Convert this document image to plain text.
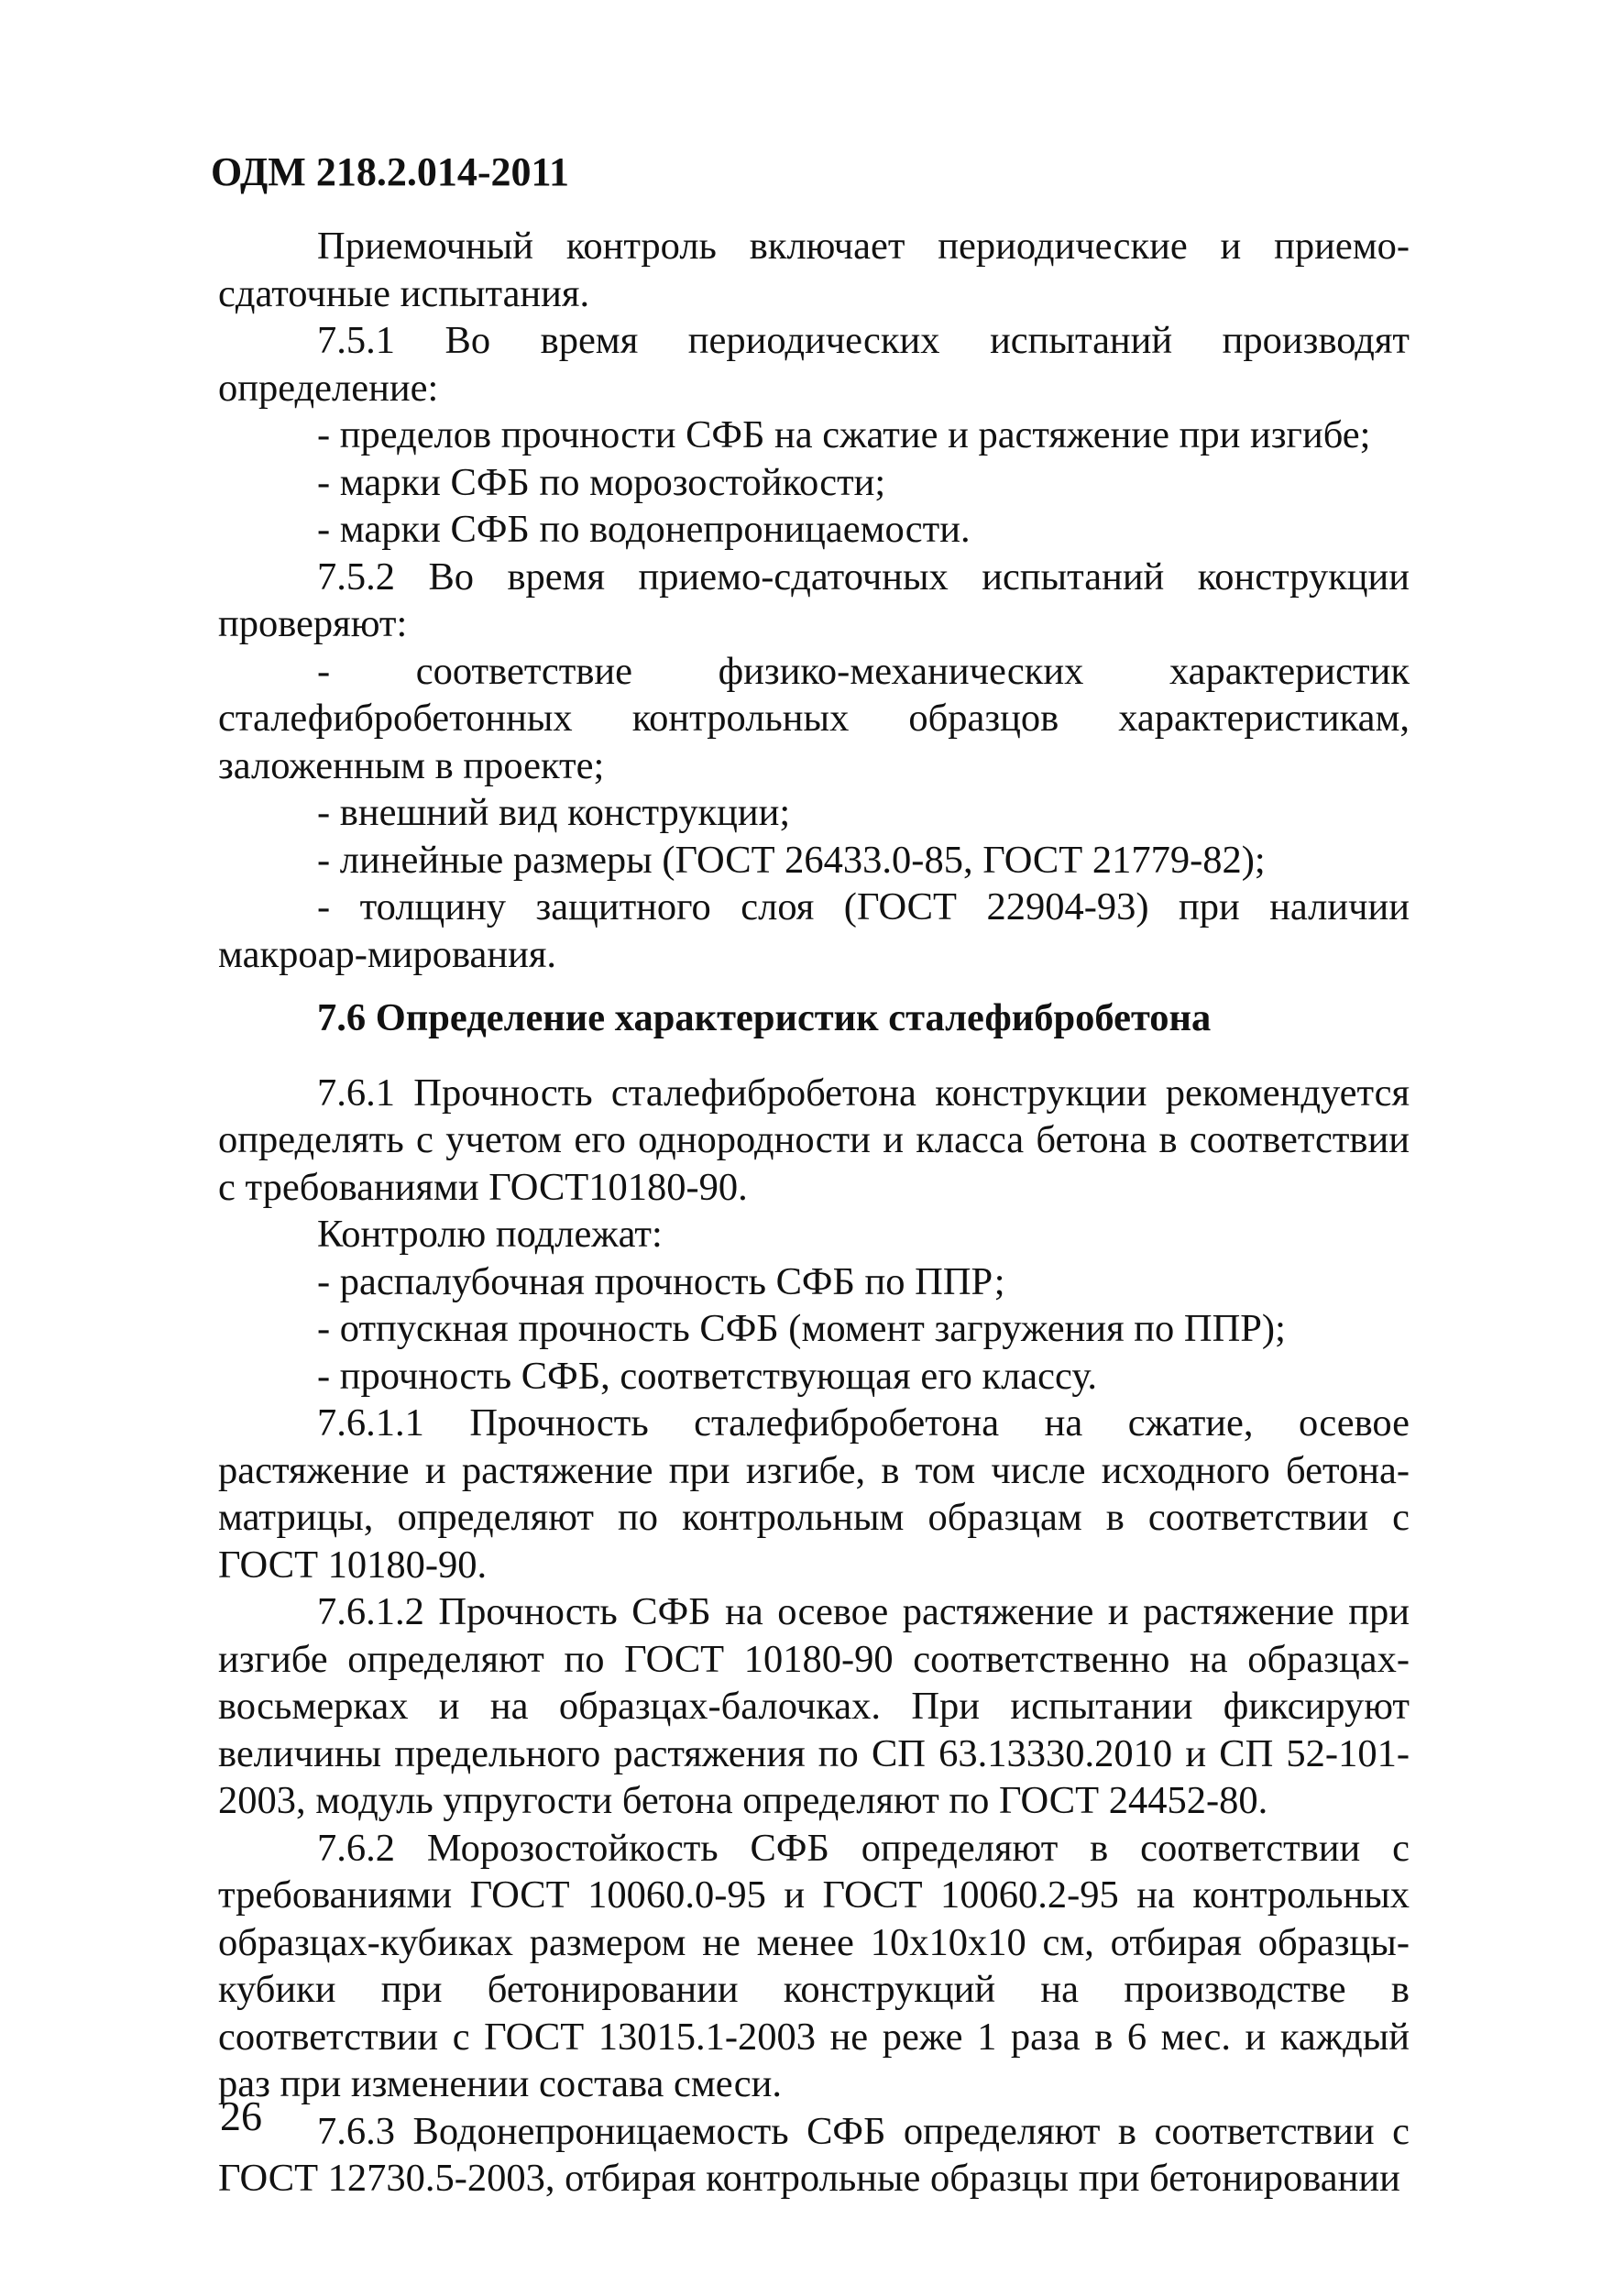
ОДМ 218.2.014-2011

Приемочный контроль включает периодические и приемо-сдаточные испытания.

7.5.1 Во время периодических испытаний производят определение:

- пределов прочности СФБ на сжатие и растяжение при изгибе;

- марки СФБ по морозостойкости;

- марки СФБ по водонепроницаемости.

7.5.2 Во время приемо-сдаточных испытаний конструкции проверяют:

- соответствие физико-механических характеристик сталефибробетонных контрольных образцов характеристикам, заложенным в проекте;

- внешний вид конструкции;

- линейные размеры (ГОСТ 26433.0-85, ГОСТ 21779-82);

- толщину защитного слоя (ГОСТ 22904-93) при наличии макроар-мирования.

7.6 Определение характеристик сталефибробетона

7.6.1 Прочность сталефибробетона конструкции рекомендуется определять с учетом его однородности и класса бетона в соответствии с требованиями ГОСТ10180-90.

Контролю подлежат:

- распалубочная прочность СФБ по ППР;

- отпускная прочность СФБ (момент загружения по ППР);

- прочность СФБ, соответствующая его классу.

7.6.1.1 Прочность сталефибробетона на сжатие, осевое растяжение и растяжение при изгибе, в том числе исходного бетона-матрицы, определяют по контрольным образцам в соответствии с ГОСТ 10180-90.

7.6.1.2 Прочность СФБ на осевое растяжение и растяжение при изгибе определяют по ГОСТ 10180-90 соответственно на образцах-восьмерках и на образцах-балочках. При испытании фиксируют величины предельного растяжения по СП 63.13330.2010 и СП 52-101-2003, модуль упругости бетона определяют по ГОСТ 24452-80.

7.6.2 Морозостойкость СФБ определяют в соответствии с требованиями ГОСТ 10060.0-95 и ГОСТ 10060.2-95 на контрольных образцах-кубиках размером не менее 10х10х10 см, отбирая образцы-кубики при бетонировании конструкций на производстве в соответствии с ГОСТ 13015.1-2003 не реже 1 раза в 6 мес. и каждый раз при изменении состава смеси.

7.6.3 Водонепроницаемость СФБ определяют в соответствии с ГОСТ 12730.5-2003, отбирая контрольные образцы при бетонировании

26
